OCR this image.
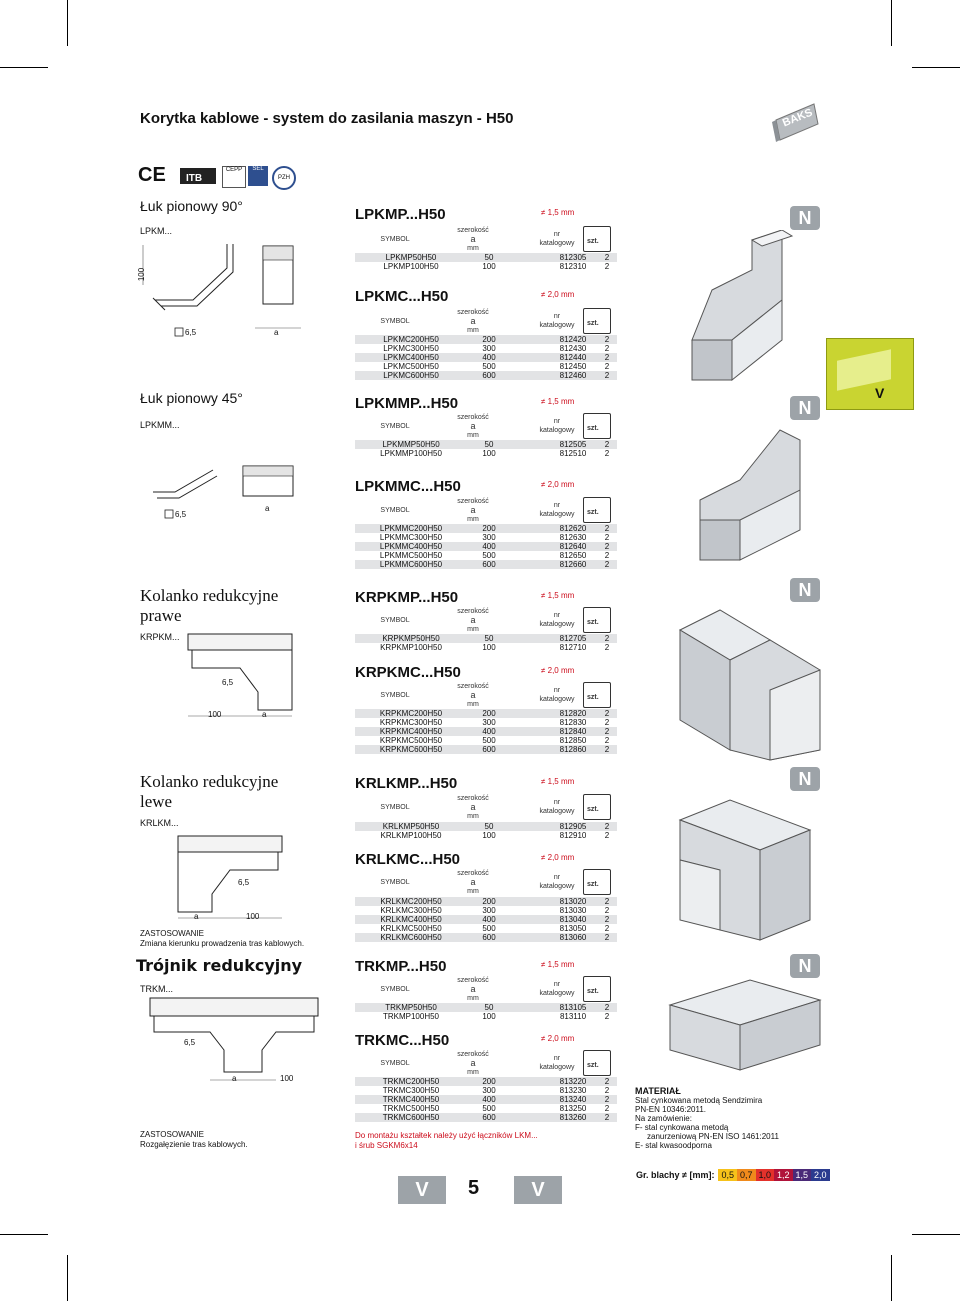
Korytka kablowe - system do zasilania maszyn - H50	BAKS
CE	ITB
CEPP	SEL
PZH
Łuk pionowy 90°
LPKM...
100
6,5	a
LPKMP...H50	≠ 1,5 mm
SYMBOL
szerokość
a
mm
nr
katalogowy	szt.
LPKMP50H50	50		812305	2
LPKMP100H50	100		812310	2
LPKMC...H50	≠ 2,0 mm
SYMBOL
szerokość
a
mm
nr
katalogowy	szt.
LPKMC200H50	200		812420	2
LPKMC300H50	300		812430	2
LPKMC400H50	400		812440	2
LPKMC500H50	500		812450	2
LPKMC600H50	600		812460	2
N
V
Łuk pionowy 45°
LPKMM...
6,5
a
LPKMMP...H50	≠ 1,5 mm
SYMBOL
szerokość
a
mm
nr
katalogowy	szt.
LPKMMP50H50	50		812505	2
LPKMMP100H50	100		812510	2
LPKMMC...H50	≠ 2,0 mm
SYMBOL
szerokość
a
mm
nr
katalogowy	szt.
LPKMMC200H50	200		812620	2
LPKMMC300H50	300		812630	2
LPKMMC400H50	400		812640	2
LPKMMC500H50	500		812650	2
LPKMMC600H50	600		812660	2
N
Kolanko redukcyjne
prawe
KRPKM...
6,5
100	a
KRPKMP...H50	≠ 1,5 mm
SYMBOL
szerokość
a
mm
nr
katalogowy	szt.
KRPKMP50H50	50		812705	2
KRPKMP100H50	100		812710	2
KRPKMC...H50	≠ 2,0 mm
SYMBOL
szerokość
a
mm
nr
katalogowy	szt.
KRPKMC200H50	200		812820	2
KRPKMC300H50	300		812830	2
KRPKMC400H50	400		812840	2
KRPKMC500H50	500		812850	2
KRPKMC600H50	600		812860	2
N
Kolanko redukcyjne
lewe
KRLKM...
6,5
a	100
ZASTOSOWANIE
Zmiana kierunku prowadzenia tras kablowych.
KRLKMP...H50	≠ 1,5 mm
SYMBOL
szerokość
a
mm
nr
katalogowy	szt.
KRLKMP50H50	50		812905	2
KRLKMP100H50	100		812910	2
KRLKMC...H50	≠ 2,0 mm
SYMBOL
szerokość
a
mm
nr
katalogowy	szt.
KRLKMC200H50	200		813020	2
KRLKMC300H50	300		813030	2
KRLKMC400H50	400		813040	2
KRLKMC500H50	500		813050	2
KRLKMC600H50	600		813060	2
N
Trójnik redukcyjny
TRKM...
6,5
a	100
ZASTOSOWANIE
Rozgałęzienie tras kablowych.
TRKMP...H50	≠ 1,5 mm
SYMBOL
szerokość
a
mm
nr
katalogowy	szt.
TRKMP50H50	50		813105	2
TRKMP100H50	100		813110	2
TRKMC...H50	≠ 2,0 mm
SYMBOL
szerokość
a
mm
nr
katalogowy	szt.
TRKMC200H50	200		813220	2
TRKMC300H50	300		813230	2
TRKMC400H50	400		813240	2
TRKMC500H50	500		813250	2
TRKMC600H50	600		813260	2
Do montażu kształtek należy użyć łączników LKM...
i śrub SGKM6x14
N
MATERIAŁ
Stal cynkowana metodą Sendzimira
PN-EN 10346:2011.
Na zamówienie:
F- stal cynkowana metodą
zanurzeniową PN-EN ISO 1461:2011
E- stal kwasoodporna
Gr. blachy ≠ [mm]: 0,5 0,7 1,0 1,2 1,5 2,0
V	5	V
